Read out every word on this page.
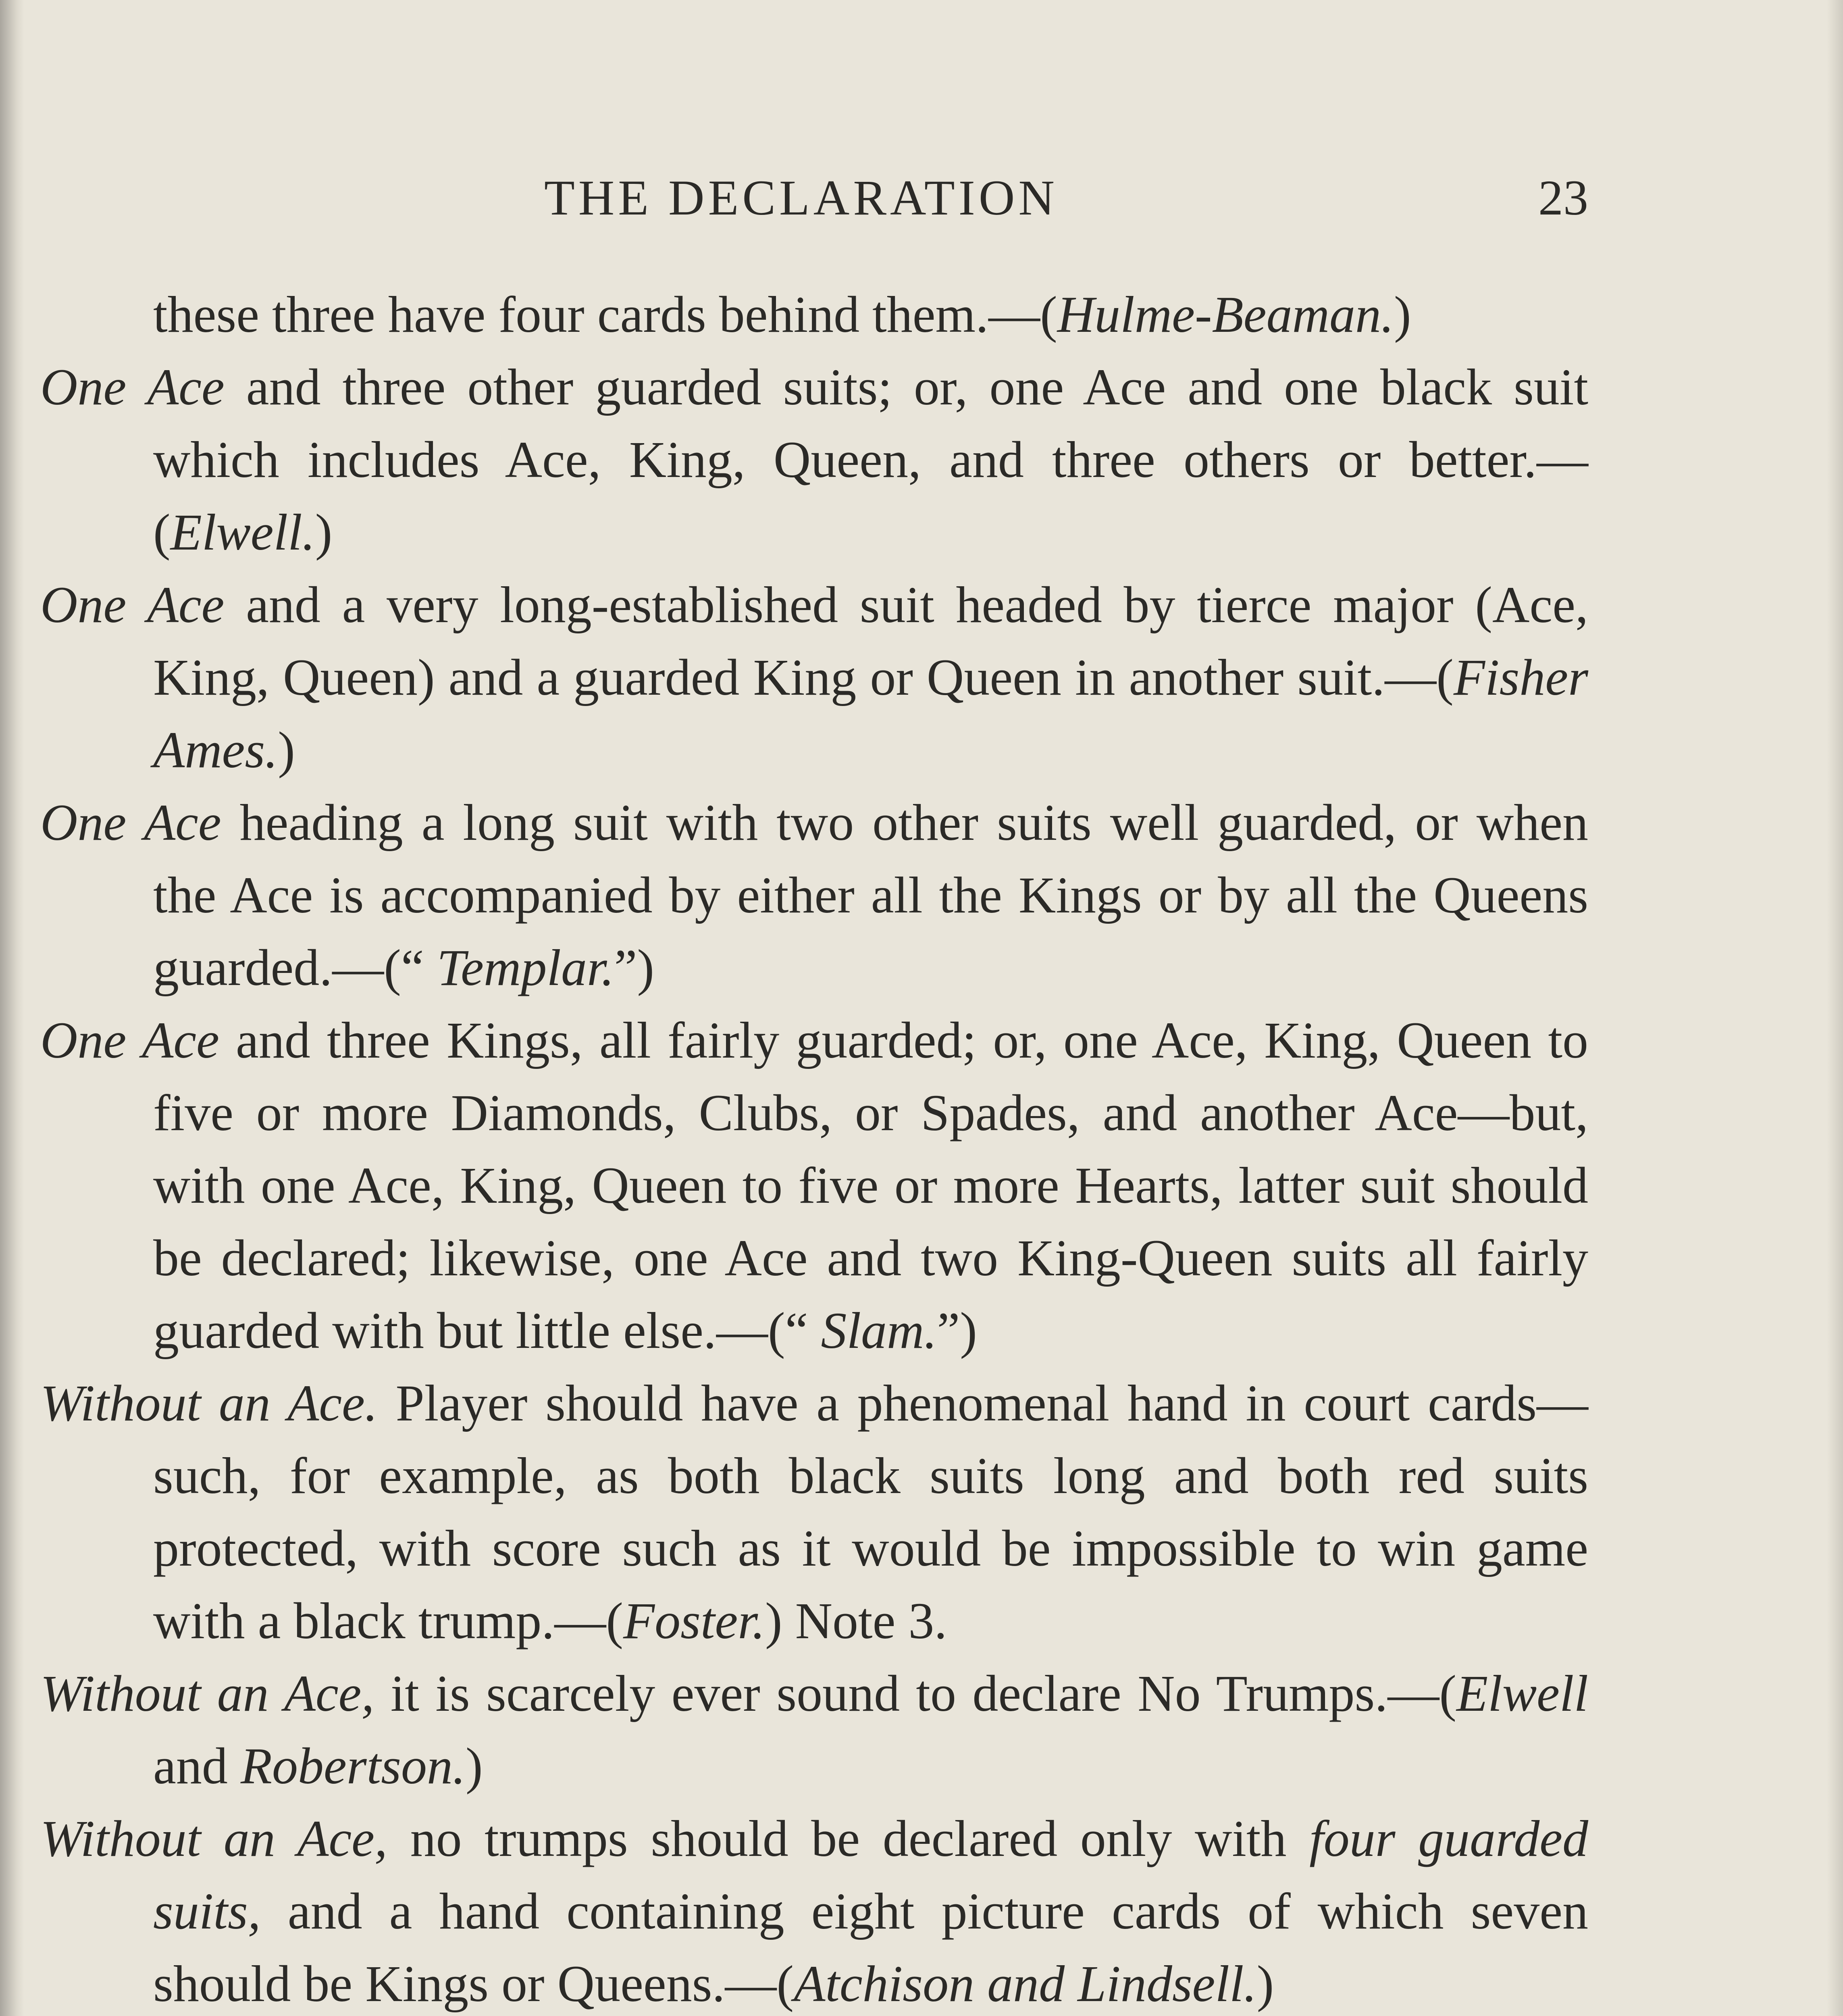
THE DECLARATION	23

these three have four cards behind them.—(Hulme-Beaman.)

One Ace and three other guarded suits; or, one Ace and one black suit which includes Ace, King, Queen, and three others or better.—(Elwell.)

One Ace and a very long-established suit headed by tierce major (Ace, King, Queen) and a guarded King or Queen in another suit.—(Fisher Ames.)

One Ace heading a long suit with two other suits well guarded, or when the Ace is accompanied by either all the Kings or by all the Queens guarded.—(“ Templar.”)

One Ace and three Kings, all fairly guarded; or, one Ace, King, Queen to five or more Diamonds, Clubs, or Spades, and another Ace—but, with one Ace, King, Queen to five or more Hearts, latter suit should be declared; likewise, one Ace and two King-Queen suits all fairly guarded with but little else.—(“ Slam.”)

Without an Ace. Player should have a phenomenal hand in court cards—such, for example, as both black suits long and both red suits protected, with score such as it would be impossible to win game with a black trump.—(Foster.) Note 3.

Without an Ace, it is scarcely ever sound to declare No Trumps.—(Elwell and Robertson.)

Without an Ace, no trumps should be declared only with four guarded suits, and a hand containing eight picture cards of which seven should be Kings or Queens.—(Atchison and Lindsell.)
